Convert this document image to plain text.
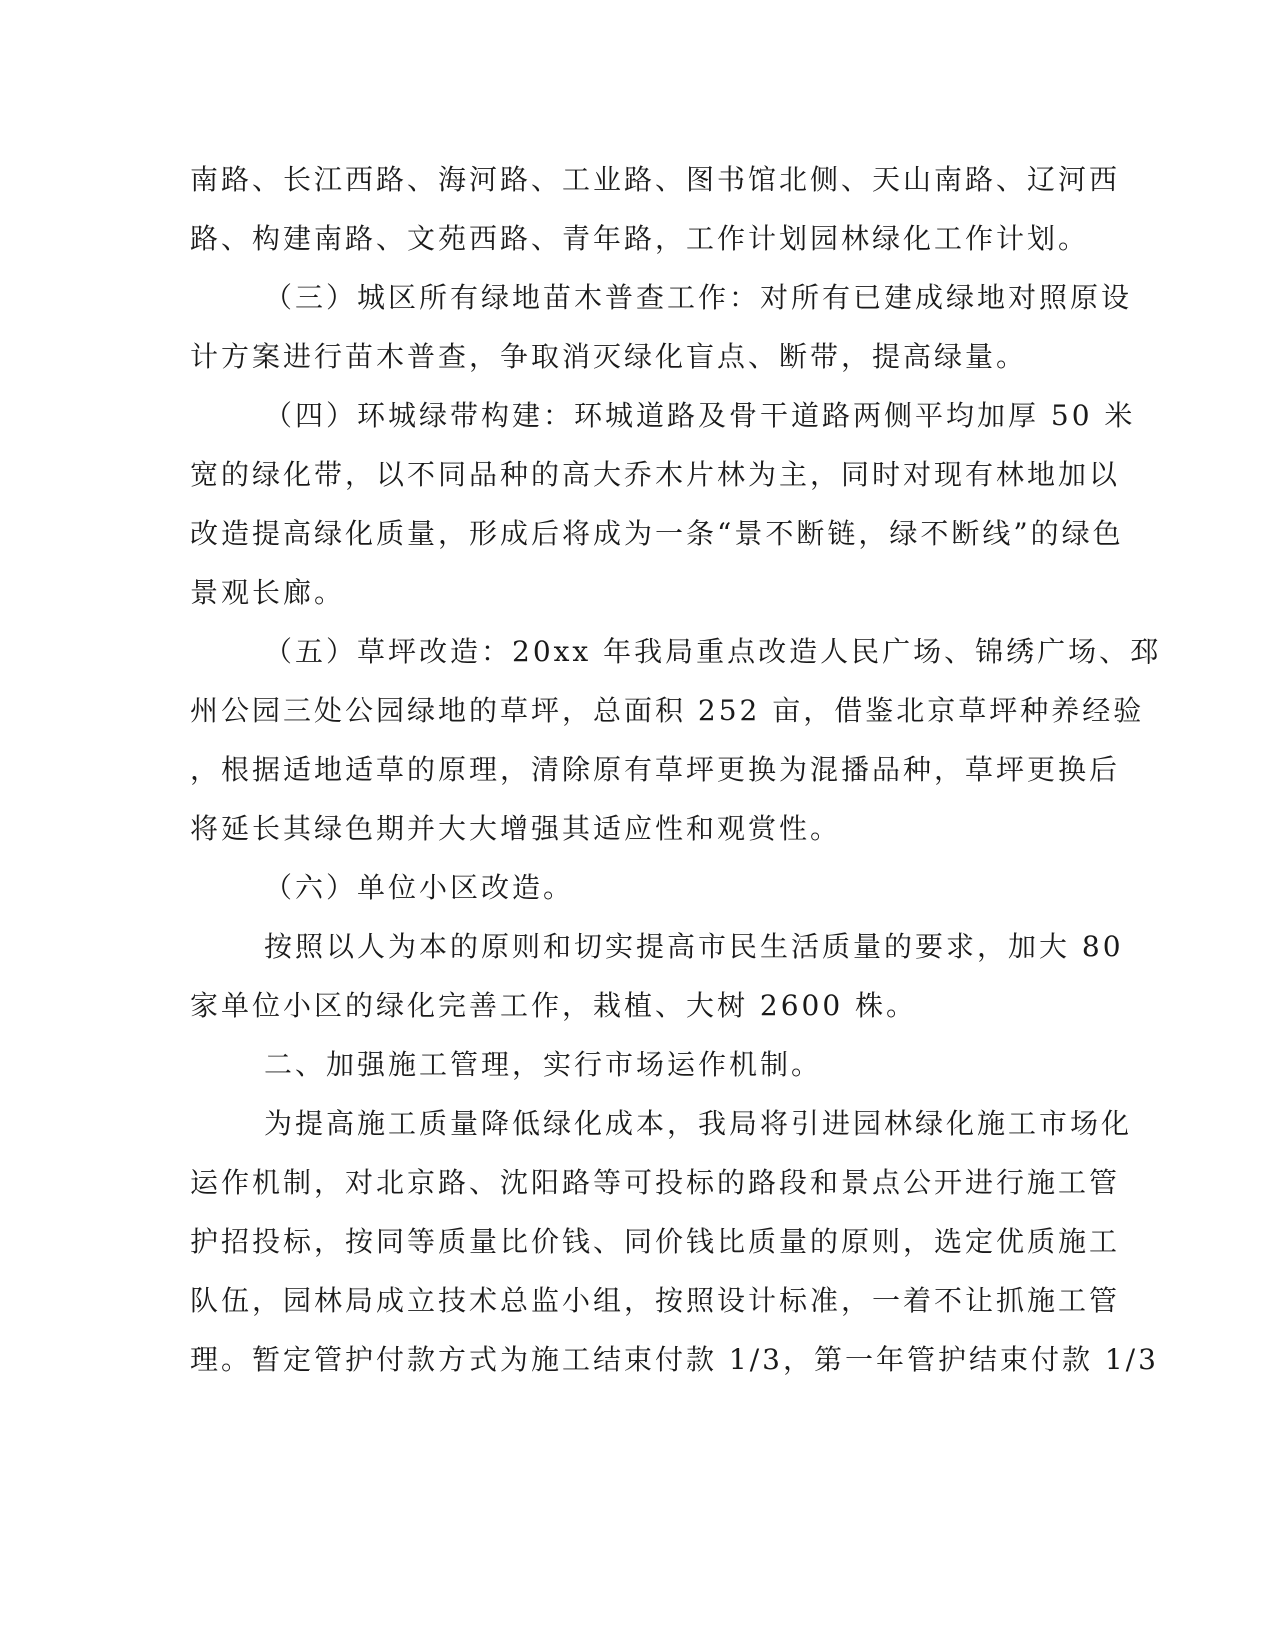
南路、长江西路、海河路、工业路、图书馆北侧、天山南路、辽河西
路、构建南路、文苑西路、青年路，工作计划园林绿化工作计划。
（三）城区所有绿地苗木普查工作：对所有已建成绿地对照原设
计方案进行苗木普查，争取消灭绿化盲点、断带，提高绿量。
（四）环城绿带构建：环城道路及骨干道路两侧平均加厚 50 米
宽的绿化带，以不同品种的高大乔木片林为主，同时对现有林地加以
改造提高绿化质量，形成后将成为一条“景不断链，绿不断线”的绿色
景观长廊。
（五）草坪改造：20xx 年我局重点改造人民广场、锦绣广场、邳
州公园三处公园绿地的草坪，总面积 252 亩，借鉴北京草坪种养经验
，根据适地适草的原理，清除原有草坪更换为混播品种，草坪更换后
将延长其绿色期并大大增强其适应性和观赏性。
（六）单位小区改造。
按照以人为本的原则和切实提高市民生活质量的要求，加大 80
家单位小区的绿化完善工作，栽植、大树 2600 株。
二、加强施工管理，实行市场运作机制。
为提高施工质量降低绿化成本，我局将引进园林绿化施工市场化
运作机制，对北京路、沈阳路等可投标的路段和景点公开进行施工管
护招投标，按同等质量比价钱、同价钱比质量的原则，选定优质施工
队伍，园林局成立技术总监小组，按照设计标准，一着不让抓施工管
理。暂定管护付款方式为施工结束付款 1/3，第一年管护结束付款 1/3
